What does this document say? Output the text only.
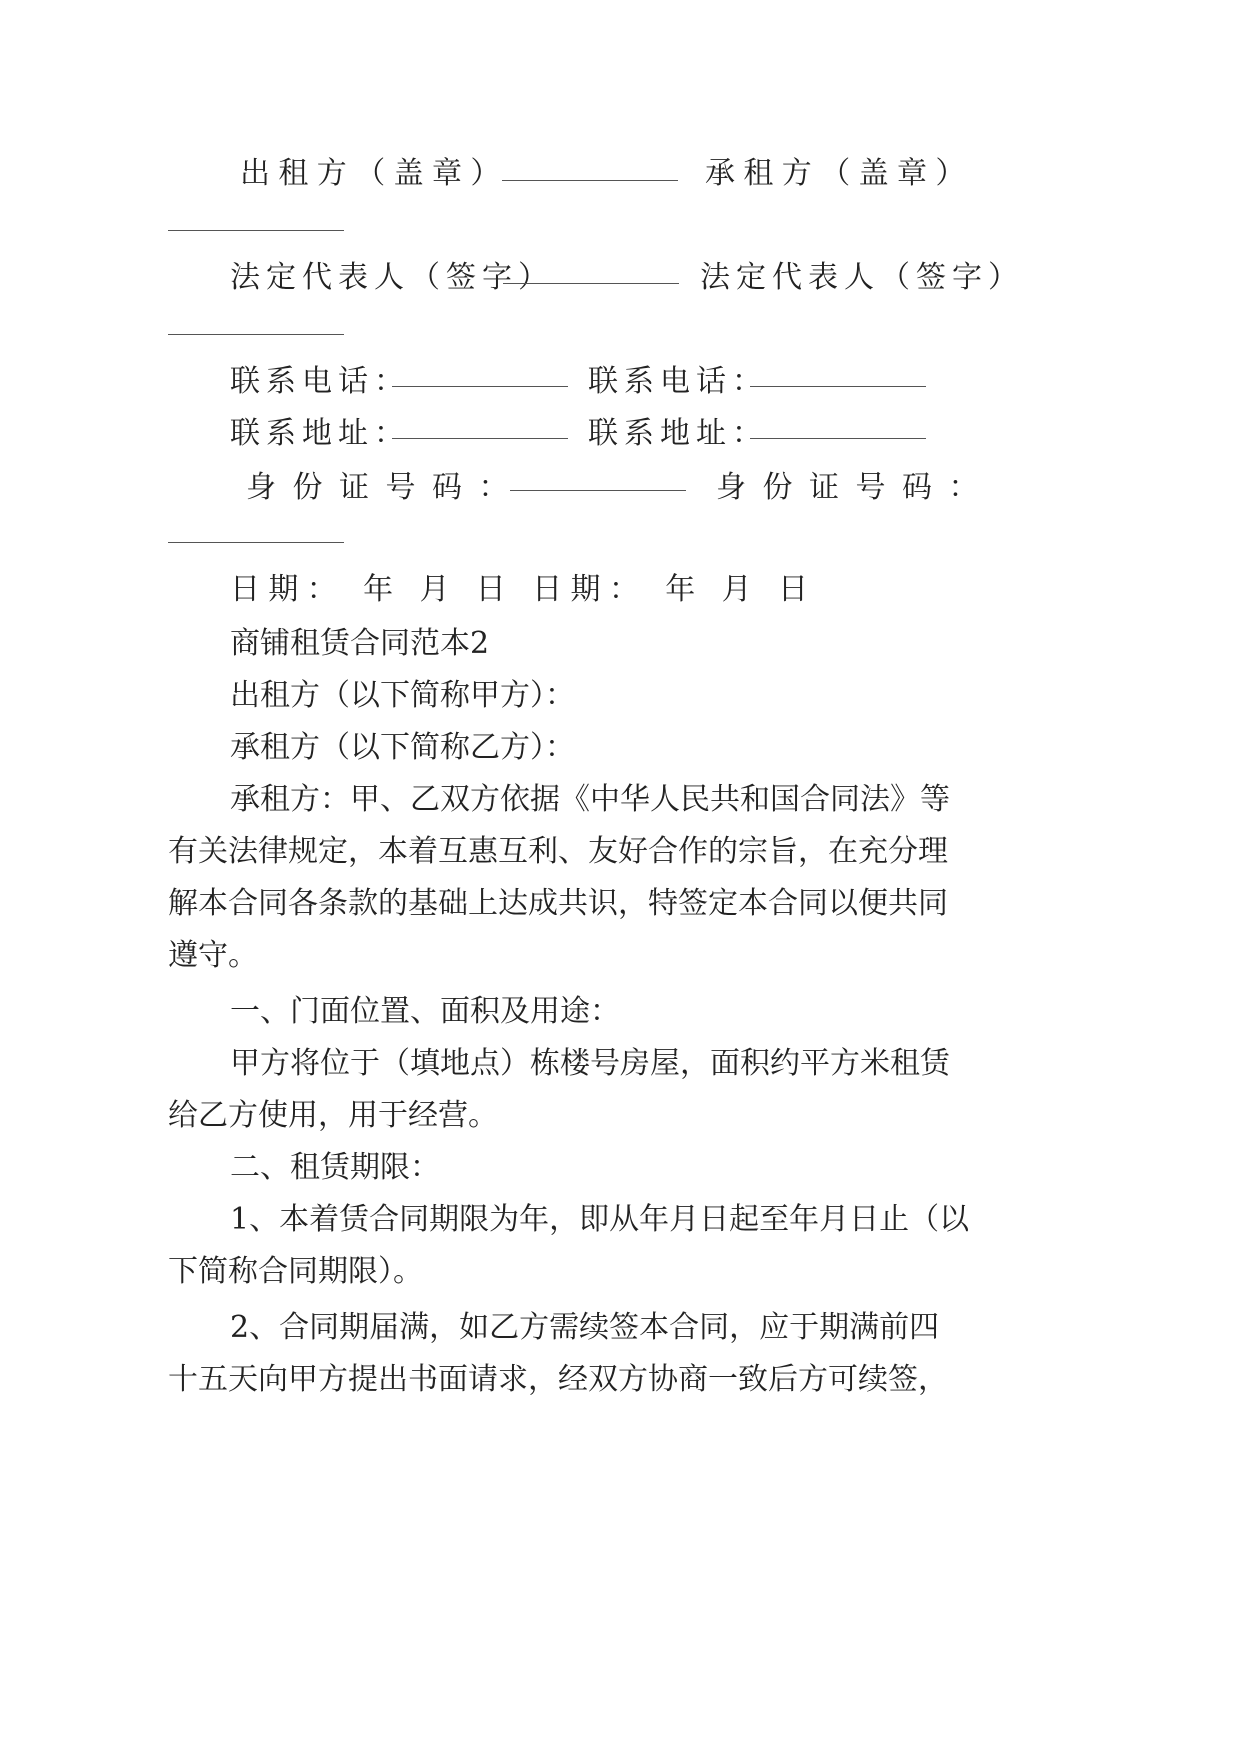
出租方（盖章）	承租方（盖章）
法定代表人（签字）	法定代表人（签字）
联系电话：	联系电话：
联系地址：	联系地址：
身份证号码：	身份证号码：
日期： 年 月 日 日期： 年 月 日
商铺租赁合同范本2
出租方（以下简称甲方）：
承租方（以下简称乙方）：
承租方：甲、乙双方依据《中华人民共和国合同法》等
有关法律规定，本着互惠互利、友好合作的宗旨，在充分理
解本合同各条款的基础上达成共识，特签定本合同以便共同
遵守。
一、门面位置、面积及用途：
甲方将位于（填地点）栋楼号房屋，面积约平方米租赁
给乙方使用，用于经营。
二、租赁期限：
1、本着赁合同期限为年，即从年月日起至年月日止（以
下简称合同期限）。
2、合同期届满，如乙方需续签本合同，应于期满前四
十五天向甲方提出书面请求，经双方协商一致后方可续签，
